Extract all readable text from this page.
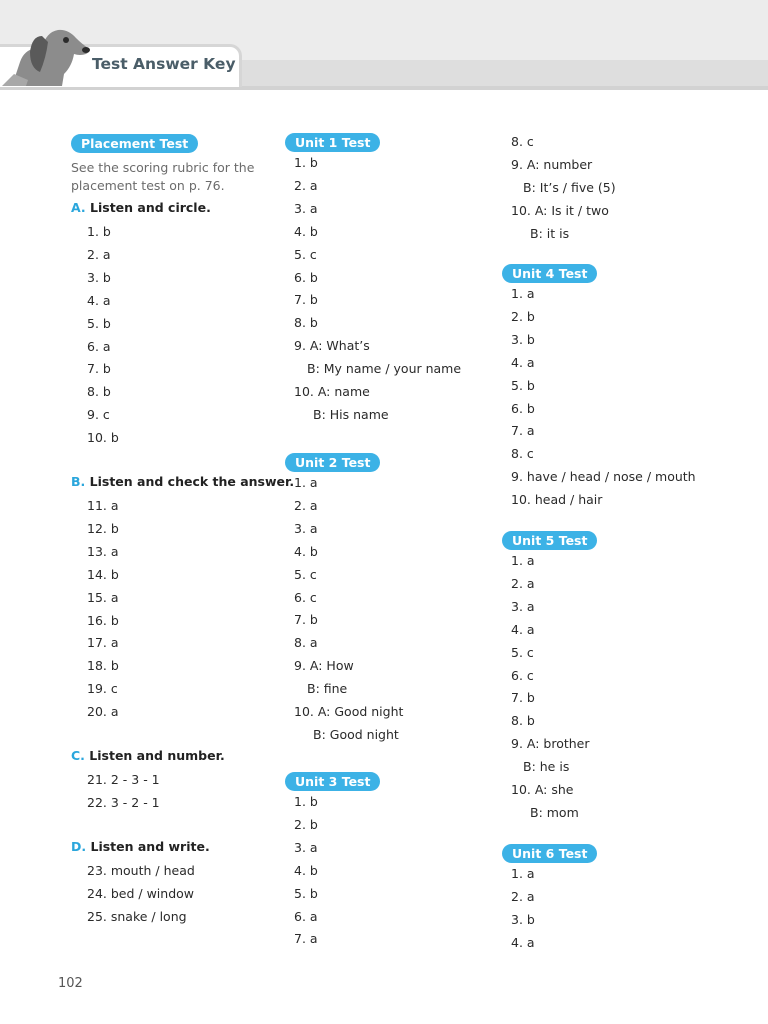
Test Answer Key
Placement Test
See the scoring rubric for the placement test on p. 76.
A. Listen and circle.
1. b
2. a
3. b
4. a
5. b
6. a
7. b
8. b
9. c
10. b
B. Listen and check the answer.
11. a
12. b
13. a
14. b
15. a
16. b
17. a
18. b
19. c
20. a
C. Listen and number.
21. 2 - 3 - 1
22. 3 - 2 - 1
D. Listen and write.
23. mouth / head
24. bed / window
25. snake / long
Unit 1 Test
1. b
2. a
3. a
4. b
5. c
6. b
7. b
8. b
9. A: What’s
B: My name / your name
10. A: name
B: His name
Unit 2 Test
1. a
2. a
3. a
4. b
5. c
6. c
7. b
8. a
9. A: How
B: fine
10. A: Good night
B: Good night
Unit 3 Test
1. b
2. b
3. a
4. b
5. b
6. a
7. a
8. c
9. A: number
B: It’s / five (5)
10. A: Is it / two
B: it is
Unit 4 Test
1. a
2. b
3. b
4. a
5. b
6. b
7. a
8. c
9. have / head / nose / mouth
10. head / hair
Unit 5 Test
1. a
2. a
3. a
4. a
5. c
6. c
7. b
8. b
9. A: brother
B: he is
10. A: she
B: mom
Unit 6 Test
1. a
2. a
3. b
4. a
102
